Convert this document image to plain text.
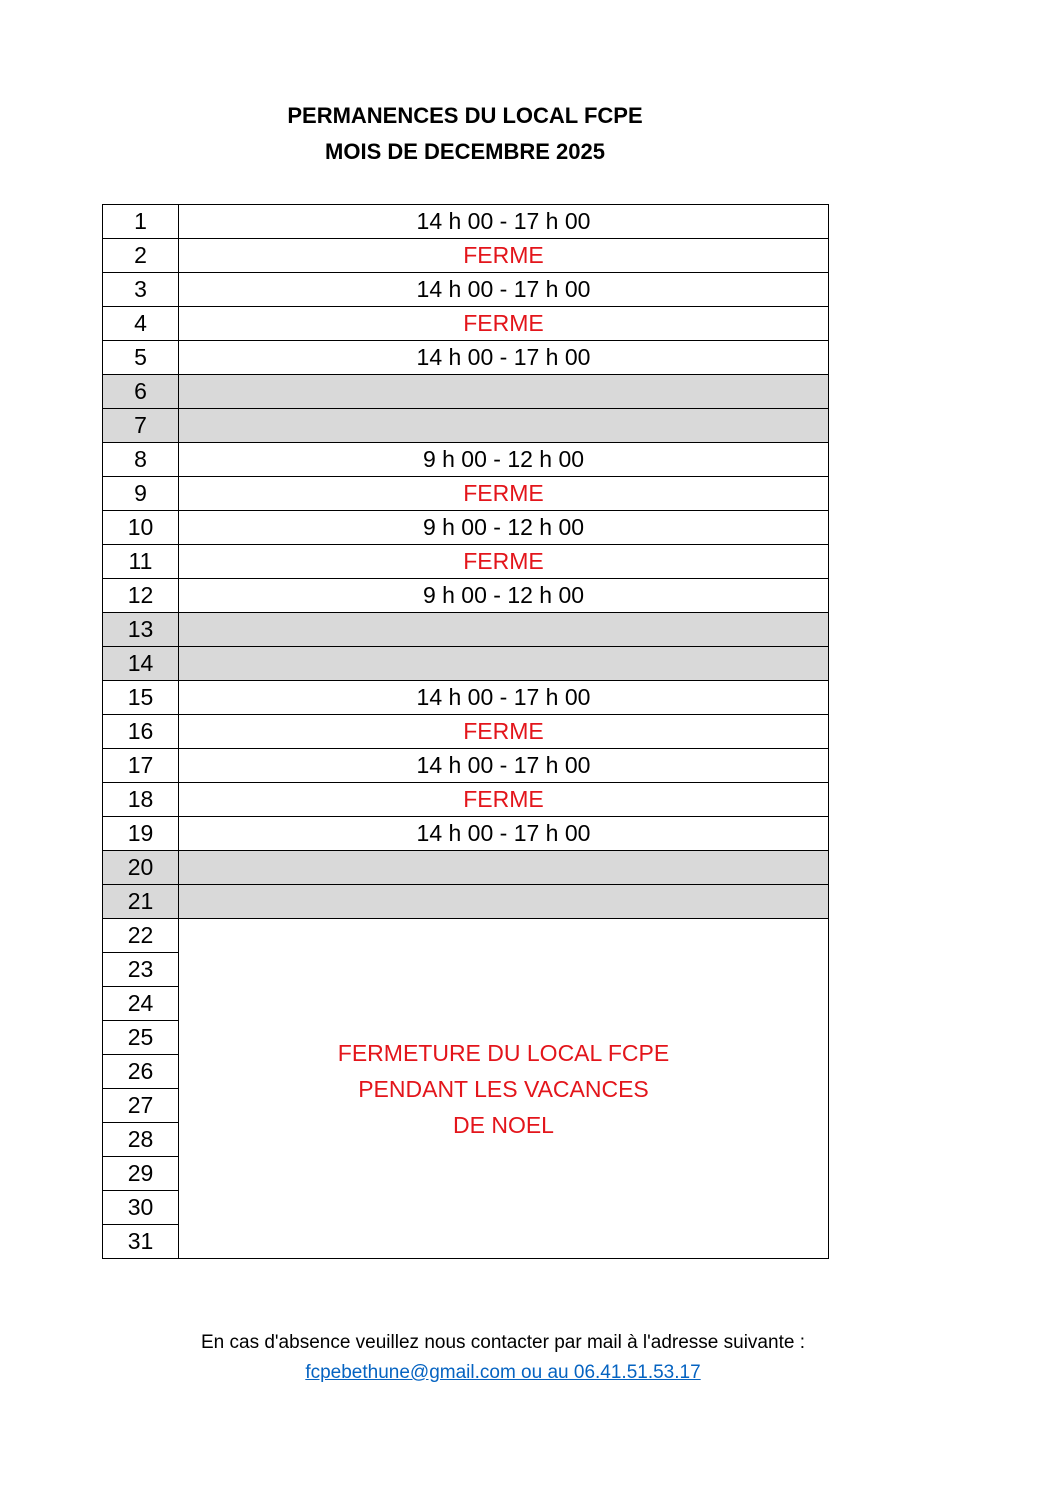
PERMANENCES DU LOCAL FCPE
MOIS DE DECEMBRE 2025
1	14 h 00 - 17 h 00
2	FERME
3	14 h 00 - 17 h 00
4	FERME
5	14 h 00 - 17 h 00
6	
7	
8	9 h 00 - 12 h 00
9	FERME
10	9 h 00 - 12 h 00
11	FERME
12	9 h 00 - 12 h 00
13	
14	
15	14 h 00 - 17 h 00
16	FERME
17	14 h 00 - 17 h 00
18	FERME
19	14 h 00 - 17 h 00
20	
21	
22	FERMETURE DU LOCAL FCPE
PENDANT LES VACANCES
DE NOEL

23	
24	
25	
26	
27	
28	
29	
30	
31	
En cas d'absence veuillez nous contacter par mail à l'adresse suivante :
fcpebethune@gmail.com ou au 06.41.51.53.17
